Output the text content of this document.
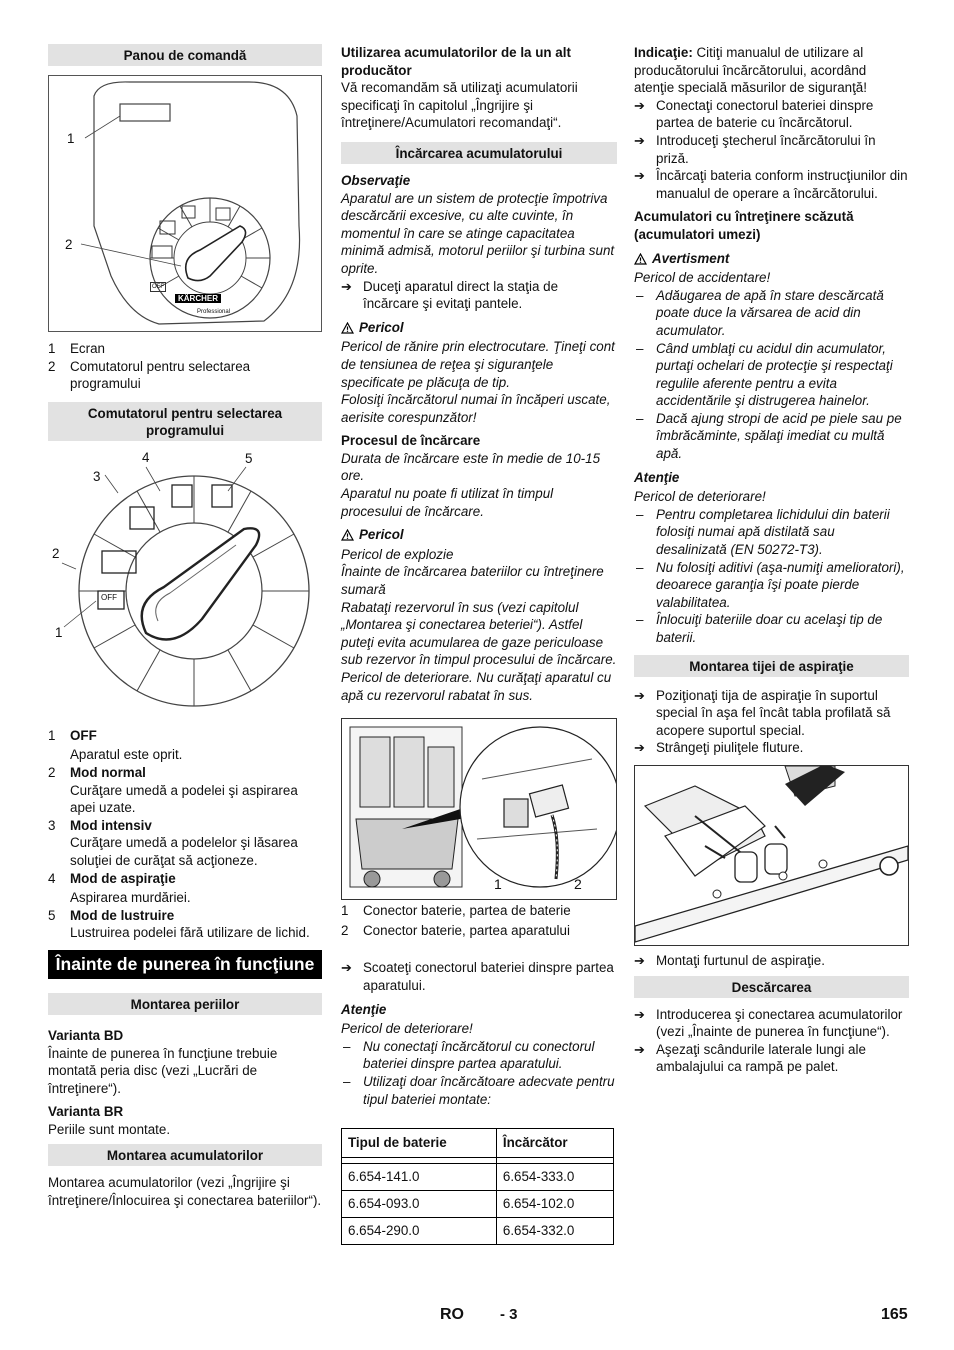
Panou de comandă
1
2
OFF
KÄRCHER
Professional
1 Ecran
2 Comutatorul pentru selectarea programului
Comutatorul pentru selectarea programului
OFF
1
2
3
4	5
1 OFF
Aparatul este oprit.
2 Mod normal
Curăţare umedă a podelei şi aspirarea apei uzate.
3 Mod intensiv
Curăţare umedă a podelelor şi lăsarea soluţiei de curăţat să acţioneze.
4 Mod de aspiraţie
Aspirarea murdăriei.
5 Mod de lustruire
Lustruirea podelei fără utilizare de lichid.
Înainte de punerea în funcţiune
Montarea periilor

Varianta BD

Înainte de punerea în funcţiune trebuie montată peria disc (vezi „Lucrări de întreţinere“).

Varianta BR

Periile sunt montate.

Montarea acumulatorilor

Montarea acumulatorilor (vezi „Îngrijire şi întreţinere/Înlocuirea şi conectarea bateriilor“).

Utilizarea acumulatorilor de la un alt producător

Vă recomandăm să utilizaţi acumulatorii specificaţi în capitolul „Îngrijire şi întreţinere/Acumulatori recomandaţi“.

Încărcarea acumulatorului

Observaţie

Aparatul are un sistem de protecţie împotriva descărcării excesive, cu alte cuvinte, în momentul în care se atinge capacitatea minimă admisă, motorul periilor şi turbina sunt oprite.

➔ Duceţi aparatul direct la staţia de încărcare şi evitaţi pantele.

Pericol

Pericol de rănire prin electrocutare. Ţineţi cont de tensiunea de reţea şi siguranţele specificate pe plăcuţa de tip.

Folosiţi încărcătorul numai în încăperi uscate, aerisite corespunzător!

Procesul de încărcare

Durata de încărcare este în medie de 10-15 ore.

Aparatul nu poate fi utilizat în timpul procesului de încărcare.

Pericol

Pericol de explozie

Înainte de încărcarea bateriilor cu întreţinere sumară

Rabataţi rezervorul în sus (vezi capitolul „Montarea şi conectarea beteriei“). Astfel puteţi evita acumularea de gaze periculoase sub rezervor în timpul procesului de încărcare.

Pericol de deteriorare. Nu curăţaţi aparatul cu apă cu rezervorul rabatat în sus.

1	2
1 Conector baterie, partea de baterie
2 Conector baterie, partea aparatului
➔ Scoateţi conectorul bateriei dinspre partea aparatului.

Atenţie

Pericol de deteriorare!

– Nu conectaţi încărcătorul cu conectorul bateriei dinspre partea aparatului.
– Utilizaţi doar încărcătoare adecvate pentru tipul bateriei montate:
Tipul de baterie	Încărcător

6.654-141.0	6.654-333.0
6.654-093.0	6.654-102.0
6.654-290.0	6.654-332.0

Indicaţie: Citiţi manualul de utilizare al producătorului încărcătorului, acordând atenţie specială măsurilor de siguranţă!

➔ Conectaţi conectorul bateriei dinspre partea de baterie cu încărcătorul.
➔ Introduceţi ştecherul încărcătorului în priză.
➔ Încărcaţi bateria conform instrucţiunilor din manualul de operare a încărcătorului.

Acumulatori cu întreţinere scăzută (acumulatori umezi)

Avertisment

Pericol de accidentare!

– Adăugarea de apă în stare descărcată poate duce la vărsarea de acid din acumulator.
– Când umblaţi cu acidul din acumulator, purtaţi ochelari de protecţie şi respectaţi regulile aferente pentru a evita accidentările şi distrugerea hainelor.
– Dacă ajung stropi de acid pe piele sau pe îmbrăcăminte, spălaţi imediat cu multă apă.

Atenţie

Pericol de deteriorare!

– Pentru completarea lichidului din baterii folosiţi numai apă distilată sau desalinizată (EN 50272-T3).
– Nu folosiţi aditivi (aşa-numiţi amelioratori), deoarece garanţia îşi poate pierde valabilitatea.
– Înlocuiţi bateriile doar cu acelaşi tip de baterii.
Montarea tijei de aspiraţie
➔ Poziţionaţi tija de aspiraţie în suportul special în aşa fel încât tabla profilată să acopere suportul special.
➔ Strângeţi piuliţele fluture.
➔ Montaţi furtunul de aspiraţie.
Descărcarea
➔ Introducerea şi conectarea acumulatorilor (vezi „Înainte de punerea în funcţiune“).
➔ Aşezaţi scândurile laterale lungi ale ambalajului ca rampă pe palet.
RO - 3	165
